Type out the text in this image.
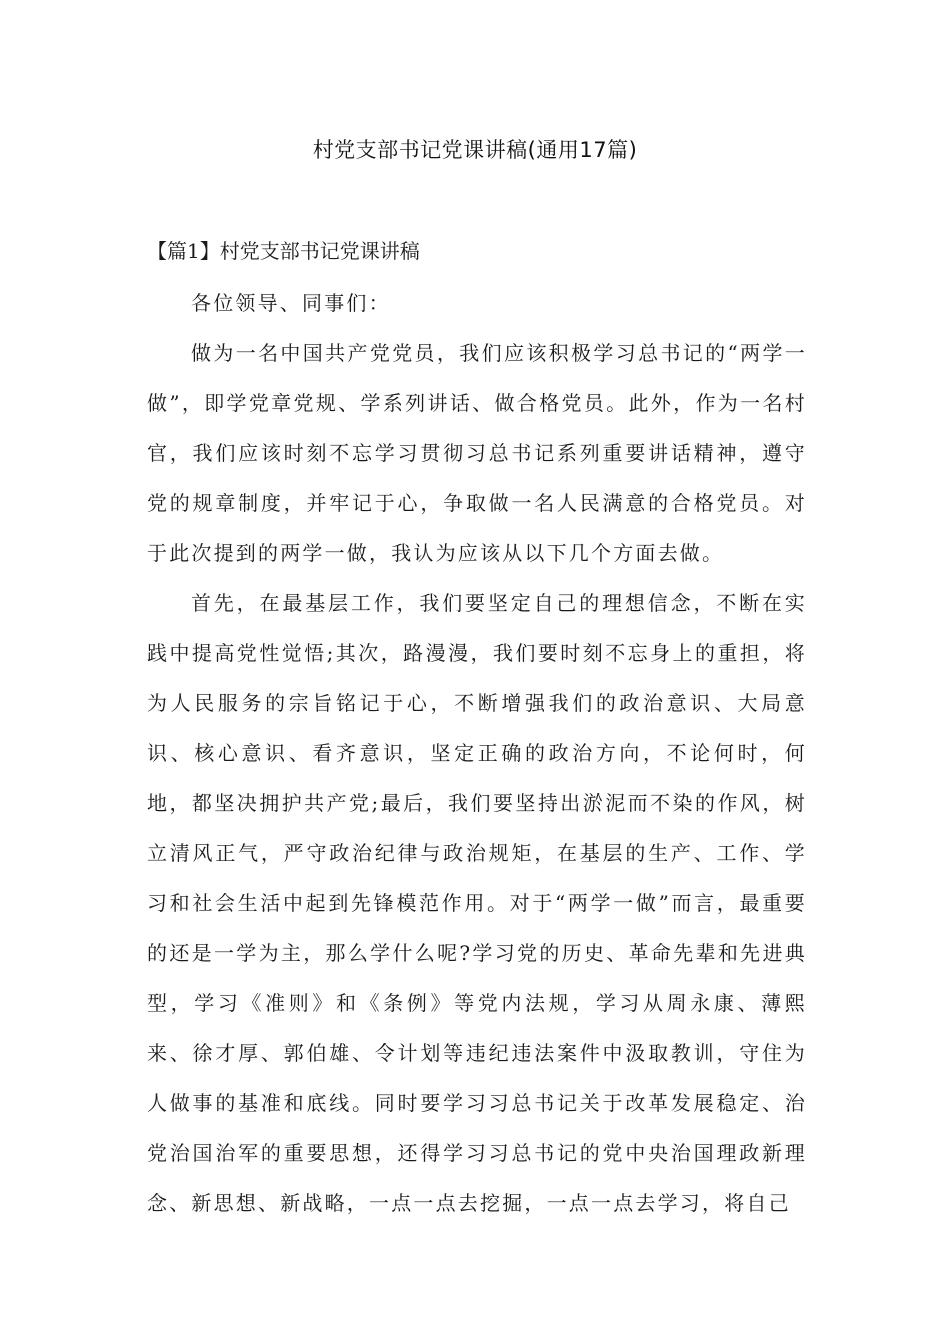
村党支部书记党课讲稿(通用17篇)
【篇1】村党支部书记党课讲稿

各位领导、同事们：

做为一名中国共产党党员，我们应该积极学习总书记的“两学一做”，即学党章党规、学系列讲话、做合格党员。此外，作为一名村官，我们应该时刻不忘学习贯彻习总书记系列重要讲话精神，遵守党的规章制度，并牢记于心，争取做一名人民满意的合格党员。对于此次提到的两学一做，我认为应该从以下几个方面去做。

首先，在最基层工作，我们要坚定自己的理想信念，不断在实践中提高党性觉悟;其次，路漫漫，我们要时刻不忘身上的重担，将为人民服务的宗旨铭记于心，不断增强我们的政治意识、大局意识、核心意识、看齐意识，坚定正确的政治方向，不论何时，何地，都坚决拥护共产党;最后，我们要坚持出淤泥而不染的作风，树立清风正气，严守政治纪律与政治规矩，在基层的生产、工作、学习和社会生活中起到先锋模范作用。对于“两学一做”而言，最重要的还是一学为主，那么学什么呢?学习党的历史、革命先辈和先进典型，学习《准则》和《条例》等党内法规，学习从周永康、薄熙来、徐才厚、郭伯雄、令计划等违纪违法案件中汲取教训，守住为人做事的基准和底线。同时要学习习总书记关于改革发展稳定、治党治国治军的重要思想，还得学习习总书记的党中央治国理政新理念、新思想、新战略，一点一点去挖掘，一点一点去学习，将自己
